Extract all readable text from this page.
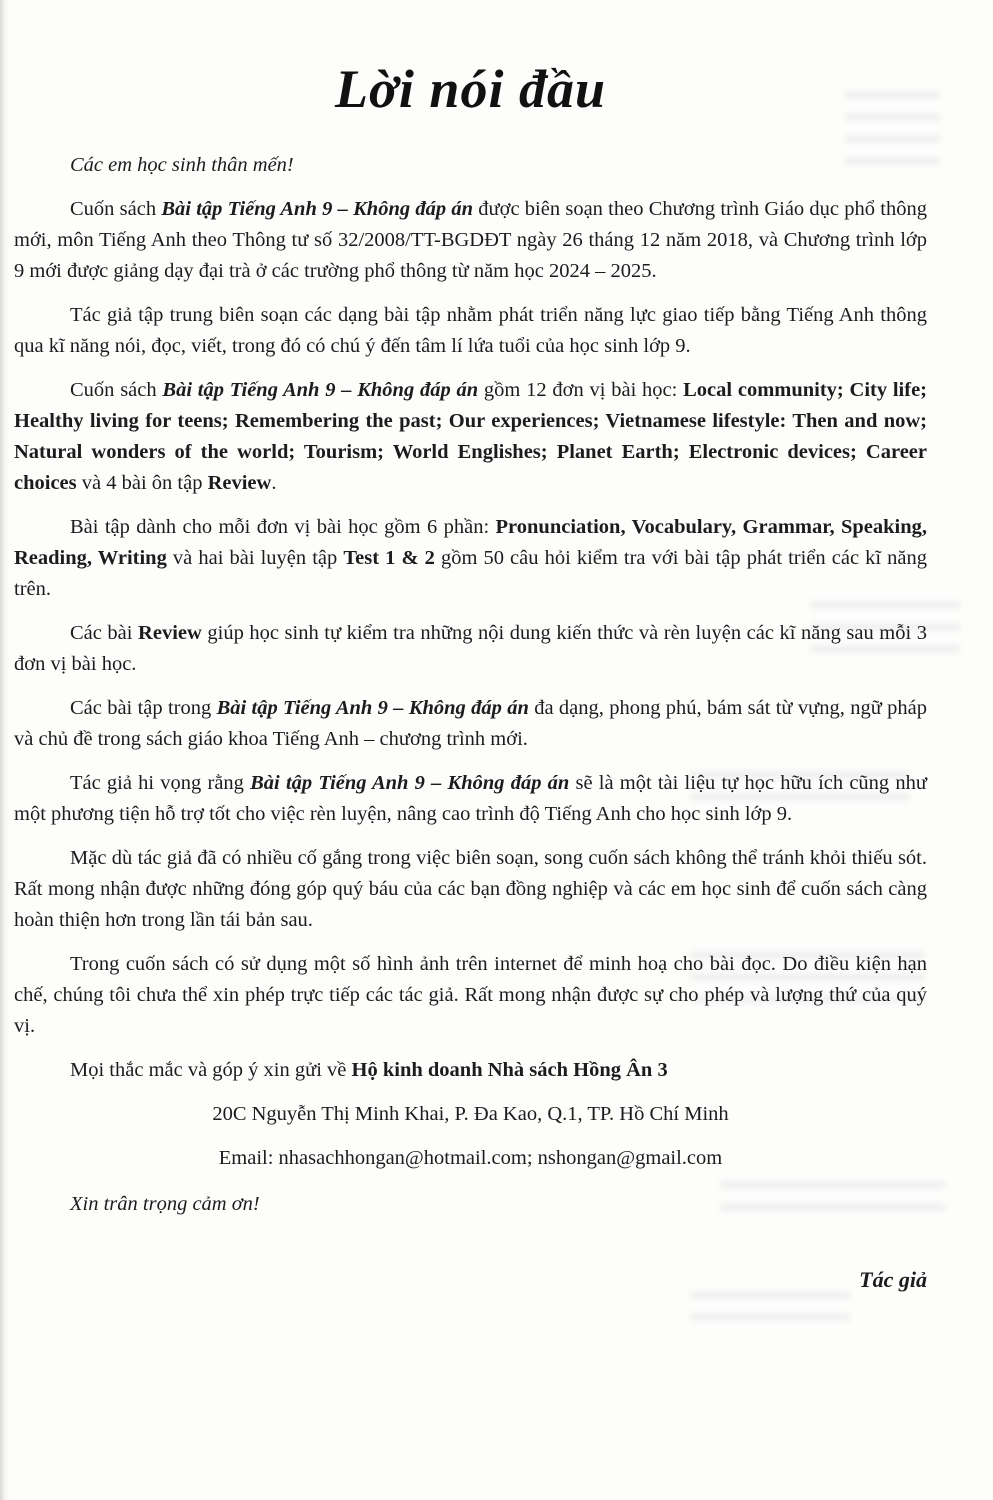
Lời nói đầu

Các em học sinh thân mến!

Cuốn sách Bài tập Tiếng Anh 9 – Không đáp án được biên soạn theo Chương trình Giáo dục phổ thông mới, môn Tiếng Anh theo Thông tư số 32/2008/TT-BGDĐT ngày 26 tháng 12 năm 2018, và Chương trình lớp 9 mới được giảng dạy đại trà ở các trường phổ thông từ năm học 2024 – 2025.

Tác giả tập trung biên soạn các dạng bài tập nhằm phát triển năng lực giao tiếp bằng Tiếng Anh thông qua kĩ năng nói, đọc, viết, trong đó có chú ý đến tâm lí lứa tuổi của học sinh lớp 9.

Cuốn sách Bài tập Tiếng Anh 9 – Không đáp án gồm 12 đơn vị bài học: Local community; City life; Healthy living for teens; Remembering the past; Our experiences; Vietnamese lifestyle: Then and now; Natural wonders of the world; Tourism; World Englishes; Planet Earth; Electronic devices; Career choices và 4 bài ôn tập Review.

Bài tập dành cho mỗi đơn vị bài học gồm 6 phần: Pronunciation, Vocabulary, Grammar, Speaking, Reading, Writing và hai bài luyện tập Test 1 & 2 gồm 50 câu hỏi kiểm tra với bài tập phát triển các kĩ năng trên.

Các bài Review giúp học sinh tự kiểm tra những nội dung kiến thức và rèn luyện các kĩ năng sau mỗi 3 đơn vị bài học.

Các bài tập trong Bài tập Tiếng Anh 9 – Không đáp án đa dạng, phong phú, bám sát từ vựng, ngữ pháp và chủ đề trong sách giáo khoa Tiếng Anh – chương trình mới.

Tác giả hi vọng rằng Bài tập Tiếng Anh 9 – Không đáp án sẽ là một tài liệu tự học hữu ích cũng như một phương tiện hỗ trợ tốt cho việc rèn luyện, nâng cao trình độ Tiếng Anh cho học sinh lớp 9.

Mặc dù tác giả đã có nhiều cố gắng trong việc biên soạn, song cuốn sách không thể tránh khỏi thiếu sót. Rất mong nhận được những đóng góp quý báu của các bạn đồng nghiệp và các em học sinh để cuốn sách càng hoàn thiện hơn trong lần tái bản sau.

Trong cuốn sách có sử dụng một số hình ảnh trên internet để minh hoạ cho bài đọc. Do điều kiện hạn chế, chúng tôi chưa thể xin phép trực tiếp các tác giả. Rất mong nhận được sự cho phép và lượng thứ của quý vị.

Mọi thắc mắc và góp ý xin gửi về Hộ kinh doanh Nhà sách Hồng Ân 3

20C Nguyễn Thị Minh Khai, P. Đa Kao, Q.1, TP. Hồ Chí Minh

Email: nhasachhongan@hotmail.com; nshongan@gmail.com

Xin trân trọng cảm ơn!

Tác giả
